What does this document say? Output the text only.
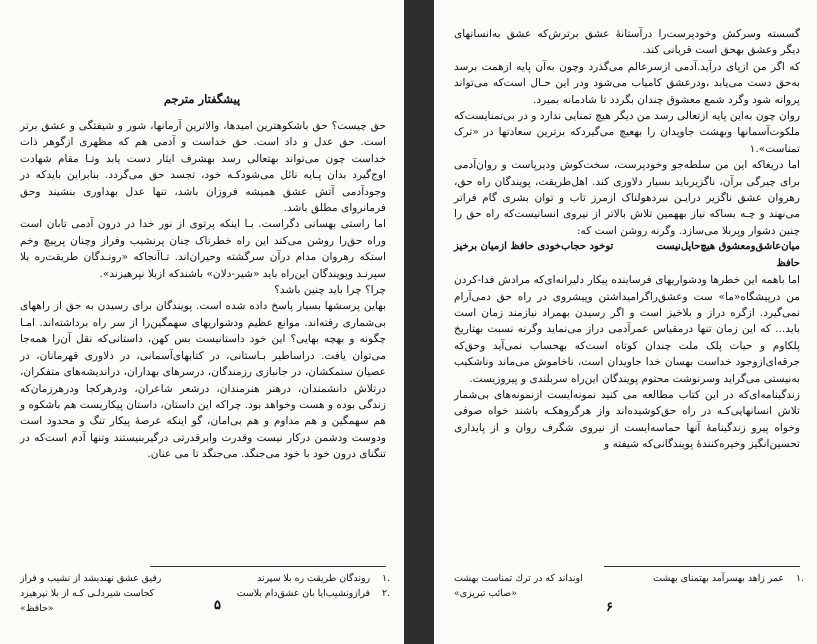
پیشگفتار مترجم

حق چیست؟ حق باشکوهترین امیدها، والاترین آرمانها، شور و شیفتگی و عشق برتر است. حق عدل و داد است. حق خداست و آدمی هم که مظهری ازگوهر ذات خداست چون می‌تواند بهتعالی رسد بهشرف ایثار دست یابد وتـا مقام شهادت اوج‌گیرد بدان پـایه نائل می‌شودکـه خود، تجسد حق می‌گردد. بنابراین بایدکه در وجودآدمی آتش عشق همیشه فروزان باشد، تنها عدل بهداوری بنشیند وحق فرمانروای مطلق باشد.

اما راستی بهسانی دگراست. بـا اینکه پرتوی از نور خدا در درون آدمی تابان است وراه حق‌را روشن می‌کند این راه خطرناک چنان پرنشیب وفراز وچنان پرپیچ وخم استکه رهروان مدام درآن سرگشته وحیران‌اند. تـاآنجاکه «رونـدگان طریقت‌ره بلا سپرنـد وپویندگان این‌راه باید «شیر-دلان» باشندکه ازبلا نپرهیزند».

چرا؟ چرا باید چنین باشد؟

بهاین پرسشها بسیار پاسخ داده شده است. پویندگان برای رسیدن به حق از راههای بی‌شماری رفته‌اند. موانع عظیم ودشواریهای سهمگین‌را از سر راه برداشته‌اند. امـا چگونه و بهچه بهایی؟ این خود داستانیست بس کهن، داستانی‌که نقل آن‌را همه‌جا می‌توان یافت. دراساطیر بـاستانی، در کتابهای‌آسمانی، در دلاوری قهرمانان، در عصیان ستمکشان، در جانبازی رزمندگان، درسرهای بهداران، دراندیشه‌های متفکران، درتلاش دانشمندان، درهنر هنرمندان، درشعر شاعران، ودرهرکجا ودرهرزمان‌که زندگی بوده و هست وخواهد بود. چراکه این داستان، داستان پیکاریست هم باشکوه و هم سهمگین و هم مداوم و هم بی‌امان، گو اینکه عرصهٔ پیکار تنگ و محدود است ودوست ودشمن درکار نیست وقدرت وابرقدرتی درگیربنیستند وتنها آدم است‌که در تنگنای درون خود با خود می‌جنگد. می‌جنگد تا می عنان.

۱.
روندگان طریقت ره بلا سپرند
رفیق عشق نهندیشد از نشیب و فراز
۲.
فرازونشیب‌ایا بان عشق‌دام بلاست
کجاست شیردلـی کـه از بلا نپرهیزد
«حافظ»	۵

گسسته وسرکش وخودپرست‌را درآستانهٔ عشق برترش‌که عشق به‌انسانهای دیگر وعشق بهحق است قربانی کند.

که اگر من ازپای درآید.آدمی ازسرعالم می‌گذرد وچون به‌آن پایه ازهمت برسد به‌حق دست می‌یابد ،ودرعشق کامیاب می‌شود ودر این حـال است‌که می‌تواند پروانه شود وگرد شمع معشوق چندان بگردد تا شادمانه بمیرد.

روان چون به‌این پایه ازتعالی رسد من دیگر هیچ تمنایی ندارد و در بی‌تمنایست‌که ملکوت‌آسمانها وبهشت جاویدان را بهعیچ می‌گیردکه برترین سعادتها در «ترک تمناست».۱

اما دریغاکه این من سلطه‌جو وخودپرست، سخت‌کوش ودیرپاست و روان‌آدمی برای چیرگی برآن، ناگزیرباید بسیار دلاوری کند. اهل‌طریقت، پویندگان راه حق، رهروان عشق ناگزیر درایـن نبردهولناک ازمرز تاب و توان بشری گام فراتر می‌نهند و چـه بساکه نیاز بههمین تلاش بالاتر از نیروی انسانیست‌که راه حق را چنین دشوار وپربلا می‌سازد. وگرنه روشن است که:

میان‌عاشق‌ومعشوق هیچ‌حایل‌نیست
توخود حجاب‌خودی حافظ ازمیان برخیز
حافظ

اما باهمه این خطرها ودشواریهای فرساینده پیکار دلیرانه‌ای‌که مرادش فدا-کردن من درپیشگاه«ما» ست وعشق‌راگرامیداشتن وپیشروی در راه حق دمی‌آرام نمی‌گیرد. ازگره دراز و بلاخیز است و اگر رسیدن بهمراد نیازمند زمان است باید... که این زمان تنها درمقیاس عمرآدمی دراز می‌نماید وگرنه نسبت بهتاریخ پلکاوم و حیات پلک ملت چندان کوتاه است‌که بهحساب نمی‌آید وحق‌که جرقه‌ای‌ازوجود خداست بهسان خدا جاویدان است، ناخاموش می‌ماند وناشکیب به‌نیستی می‌گراید وسرنوشت محتوم پویندگان این‌راه سربلندی و پیروزیست.

زندگینامه‌ای‌که در این کتاب مطالعه می کنید نمونه‌ایست ازنمونه‌های بی‌شمار تلاش انسانهایی‌کـه در راه حق‌کوشیده‌اند واز هرگروهکـه باشند خواه صوفی وخواه پیرو زندگینامهٔ آنها حماسه‌ایست از نیروی شگرف روان و از پایداری تحسین‌انگیز وخیره‌کنندهٔ پویندگانی‌که شیفته و

۱.
عمر زاهد بهسرآمد بهتمنای بهشت
اونداند كه در ترك تمناست بهشت
«صائب تبریزی»
۶
